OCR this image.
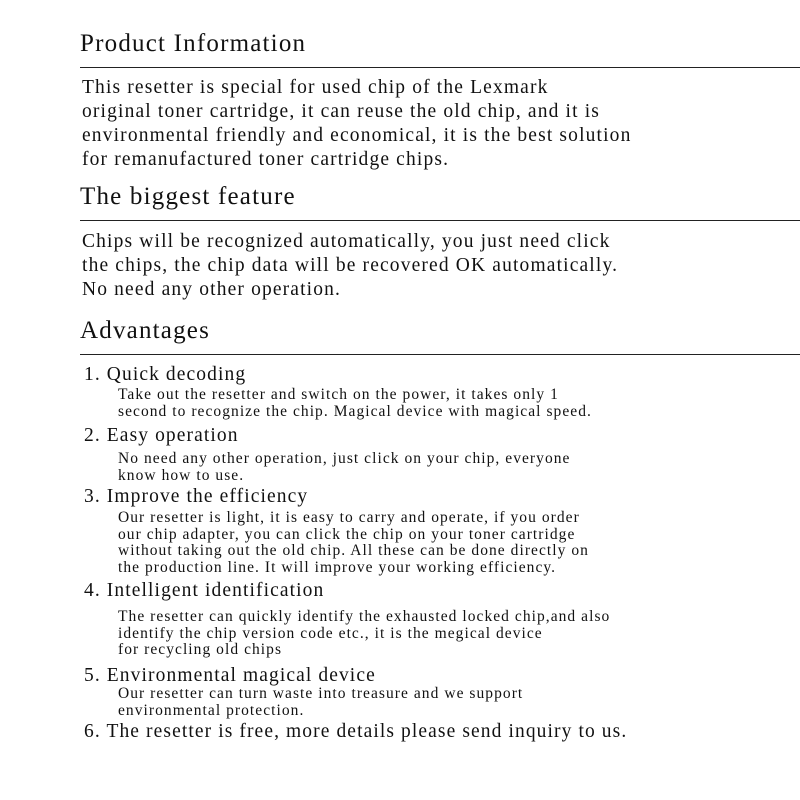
Product Information
This resetter is special for used chip of the Lexmark
original toner cartridge, it can reuse the old chip, and it is
environmental friendly and economical, it is the best solution
for remanufactured toner cartridge chips.
The biggest feature
Chips will be recognized automatically, you just need click
the chips, the chip data will be recovered OK automatically.
No need any other operation.
Advantages
1. Quick decoding
Take out the resetter and switch on the power, it takes only 1
second to recognize the chip. Magical device with magical speed.
2. Easy operation
No need any other operation, just click on your chip, everyone
know how to use.
3. Improve the efficiency
Our resetter is light, it is easy to carry and operate, if you order
our chip adapter, you can click the chip on your toner cartridge
without taking out the old chip. All these can be done directly on
the production line. It will improve your working efficiency.
4. Intelligent identification
The resetter can quickly identify the exhausted locked chip,and also
identify the chip version code etc., it is the megical device
for recycling old chips
5. Environmental magical device
Our resetter can turn waste into treasure and we support
environmental protection.
6. The resetter is free, more details please send inquiry to us.
